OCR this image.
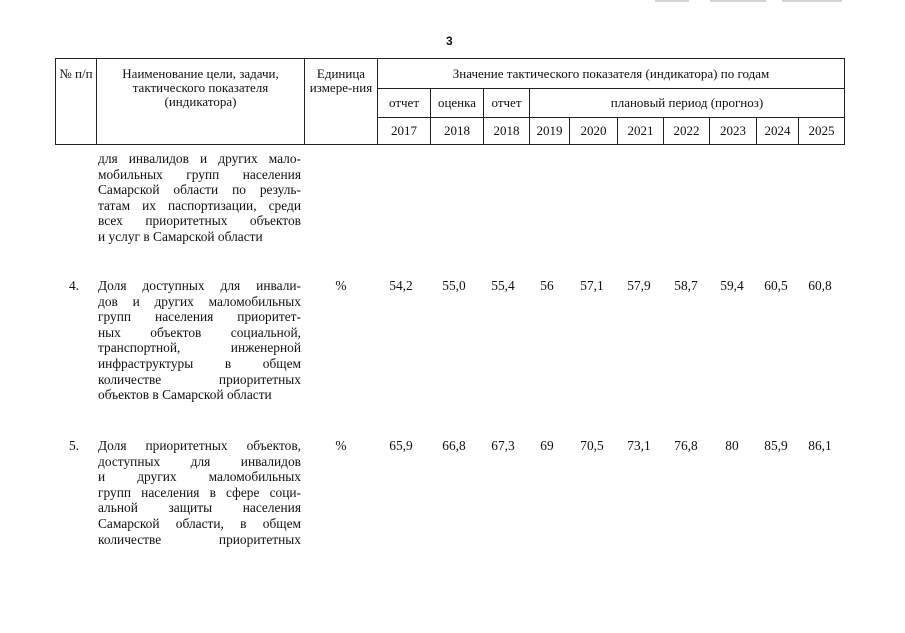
3
№ п/п	Наименование цели, задачи, тактического показателя (индикатора)	Единица измере-ния	Значение тактического показателя (индикатора) по годам									
			отчет	оценка	отчет	плановый период (прогноз)						
			2017	2018	2018	2019	2020	2021	2022	2023	2024	2025
для инвалидов и других мало-
мобильных групп населения
Самарской области по резуль-
татам их паспортизации, среди
всех приоритетных объектов
и услуг в Самарской области
4.	Доля доступных для инвали-
дов и других маломобильных
групп населения приоритет-
ных объектов социальной,
транспортной, инженерной
инфраструктуры в общем
количестве приоритетных
объектов в Самарской области
%	54,2	55,0	55,4	56	57,1	57,9	58,7	59,4	60,5	60,8
5.	Доля приоритетных объектов,
доступных для инвалидов
и других маломобильных
групп населения в сфере соци-
альной защиты населения
Самарской области, в общем
количестве приоритетных
%	65,9	66,8	67,3	69	70,5	73,1	76,8	80	85,9	86,1
